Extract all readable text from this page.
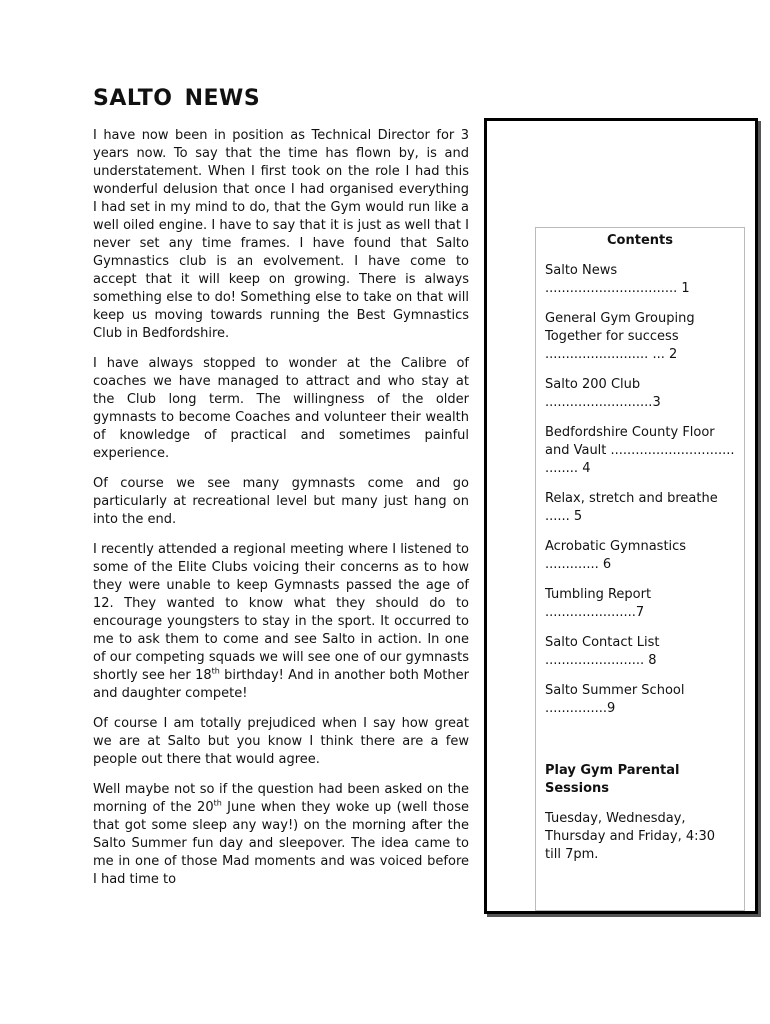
SALTO NEWS

I have now been in position as Technical Director for 3 years now. To say that the time has flown by, is and understatement. When I first took on the role I had this wonderful delusion that once I had organised everything I had set in my mind to do, that the Gym would run like a well oiled engine. I have to say that it is just as well that I never set any time frames. I have found that Salto Gymnastics club is an evolvement. I have come to accept that it will keep on growing. There is always something else to do! Something else to take on that will keep us moving towards running the Best Gymnastics Club in Bedfordshire.

I have always stopped to wonder at the Calibre of coaches we have managed to attract and who stay at the Club long term. The willingness of the older gymnasts to become Coaches and volunteer their wealth of knowledge of practical and sometimes painful experience.

Of course we see many gymnasts come and go particularly at recreational level but many just hang on into the end.

I recently attended a regional meeting where I listened to some of the Elite Clubs voicing their concerns as to how they were unable to keep Gymnasts passed the age of 12. They wanted to know what they should do to encourage youngsters to stay in the sport. It occurred to me to ask them to come and see Salto in action. In one of our competing squads we will see one of our gymnasts shortly see her 18th birthday! And in another both Mother and daughter compete!

Of course I am totally prejudiced when I say how great we are at Salto but you know I think there are a few people out there that would agree.

Well maybe not so if the question had been asked on the morning of the 20th June when they woke up (well those that got some sleep any way!) on the morning after the Salto Summer fun day and sleepover. The idea came to me in one of those Mad moments and was voiced before I had time to

Contents
Salto News ................................ 1
General Gym Grouping Together for success ......................... ... 2
Salto 200 Club ..........................3
Bedfordshire County Floor and Vault .............................. ........ 4
Relax, stretch and breathe ...... 5
Acrobatic Gymnastics ............. 6
Tumbling Report ......................7
Salto Contact List ........................ 8
Salto Summer School ...............9
Play Gym Parental Sessions
Tuesday, Wednesday, Thursday and Friday, 4:30 till 7pm.
